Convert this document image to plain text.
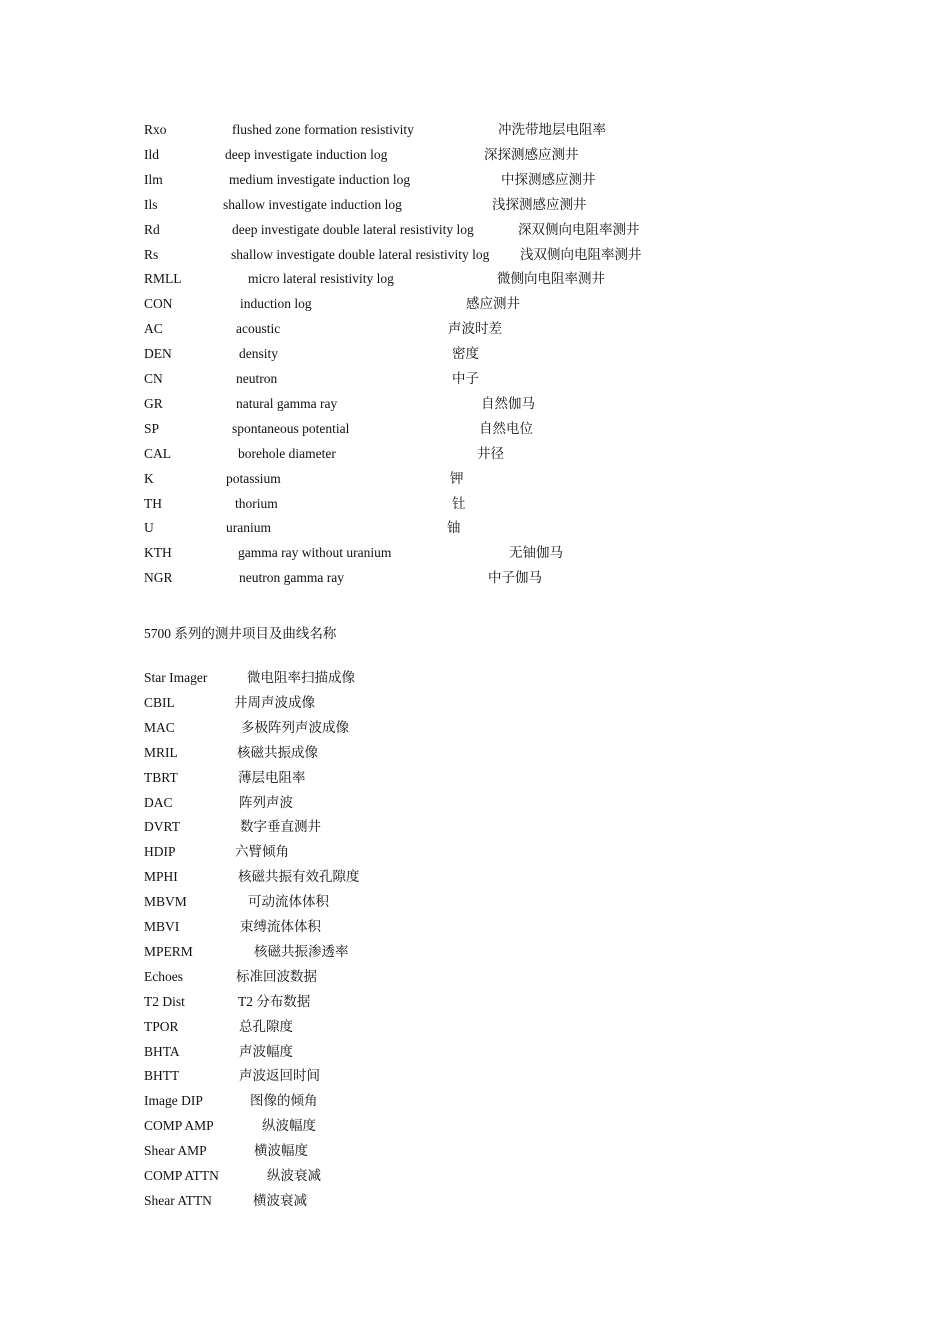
Rxo	flushed zone formation resistivity	冲洗带地层电阻率
Ild	deep investigate induction log	深探测感应测井
Ilm	medium investigate induction log	中探测感应测井
Ils	shallow investigate induction log	浅探测感应测井
Rd	deep investigate double lateral resistivity log	深双侧向电阻率测井
Rs	shallow investigate double lateral resistivity log 浅双侧向电阻率测井
RMLL	micro lateral resistivity log	微侧向电阻率测井
CON	induction log	感应测井
AC	acoustic	声波时差
DEN	density	密度
CN	neutron	中子
GR	natural gamma ray	自然伽马
SP	spontaneous potential	自然电位
CAL	borehole diameter	井径
K	potassium	钾
TH	thorium	钍
U	uranium	铀
KTH	gamma ray without uranium	无铀伽马
NGR	neutron gamma ray	中子伽马
5700 系列的测井项目及曲线名称
Star Imager	微电阻率扫描成像
CBIL	井周声波成像
MAC	多极阵列声波成像
MRIL	核磁共振成像
TBRT	薄层电阻率
DAC	阵列声波
DVRT	数字垂直测井
HDIP	六臂倾角
MPHI	核磁共振有效孔隙度
MBVM	可动流体体积
MBVI	束缚流体体积
MPERM	核磁共振渗透率
Echoes	标准回波数据
T2 Dist	T2 分布数据
TPOR	总孔隙度
BHTA	声波幅度
BHTT	声波返回时间
Image DIP	图像的倾角
COMP AMP	纵波幅度
Shear AMP	横波幅度
COMP ATTN	纵波衰减
Shear ATTN	横波衰减
